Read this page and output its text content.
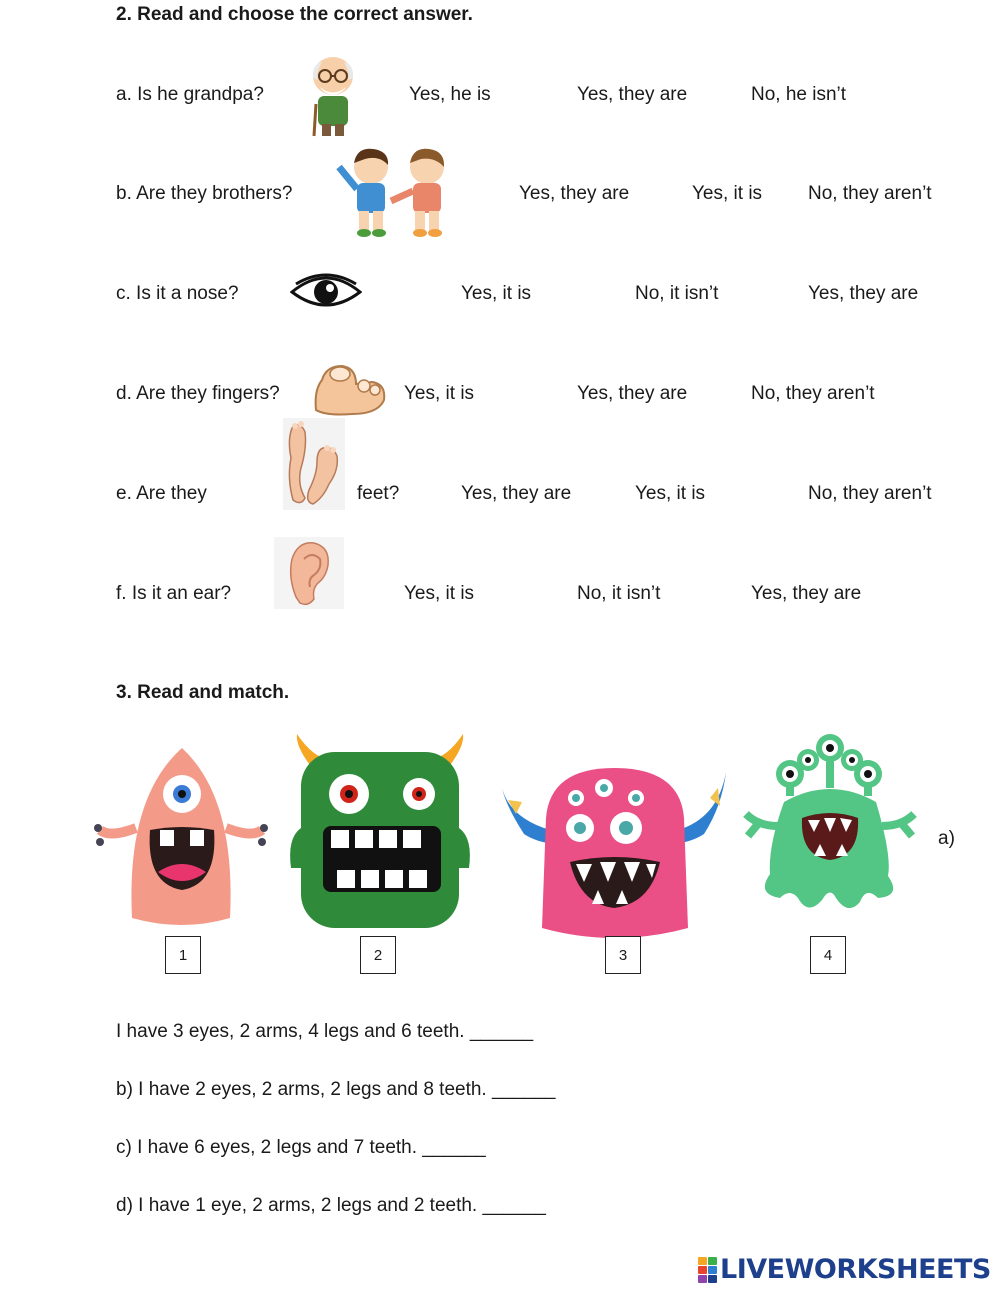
2. Read and choose the correct answer.
a. Is he grandpa?	Yes, he is	Yes, they are	No, he isn’t
b. Are they brothers?	Yes, they are	Yes, it is No, they aren’t
c. Is it a nose?	Yes, it is	No, it isn’t	Yes, they are
d. Are they fingers?	Yes, it is	Yes, they are	No, they aren’t
e. Are they	feet?	Yes, they are	Yes, it is	No, they aren’t
f. Is it an ear?	Yes, it is	No, it isn’t	Yes, they are
3. Read and match.
1	2	3
a)
4
I have 3 eyes, 2 arms, 4 legs and 6 teeth. ______
b) I have 2 eyes, 2 arms, 2 legs and 8 teeth. ______
c) I have 6 eyes, 2 legs and 7 teeth. ______
d) I have 1 eye, 2 arms, 2 legs and 2 teeth. ______
LIVEWORKSHEETS
